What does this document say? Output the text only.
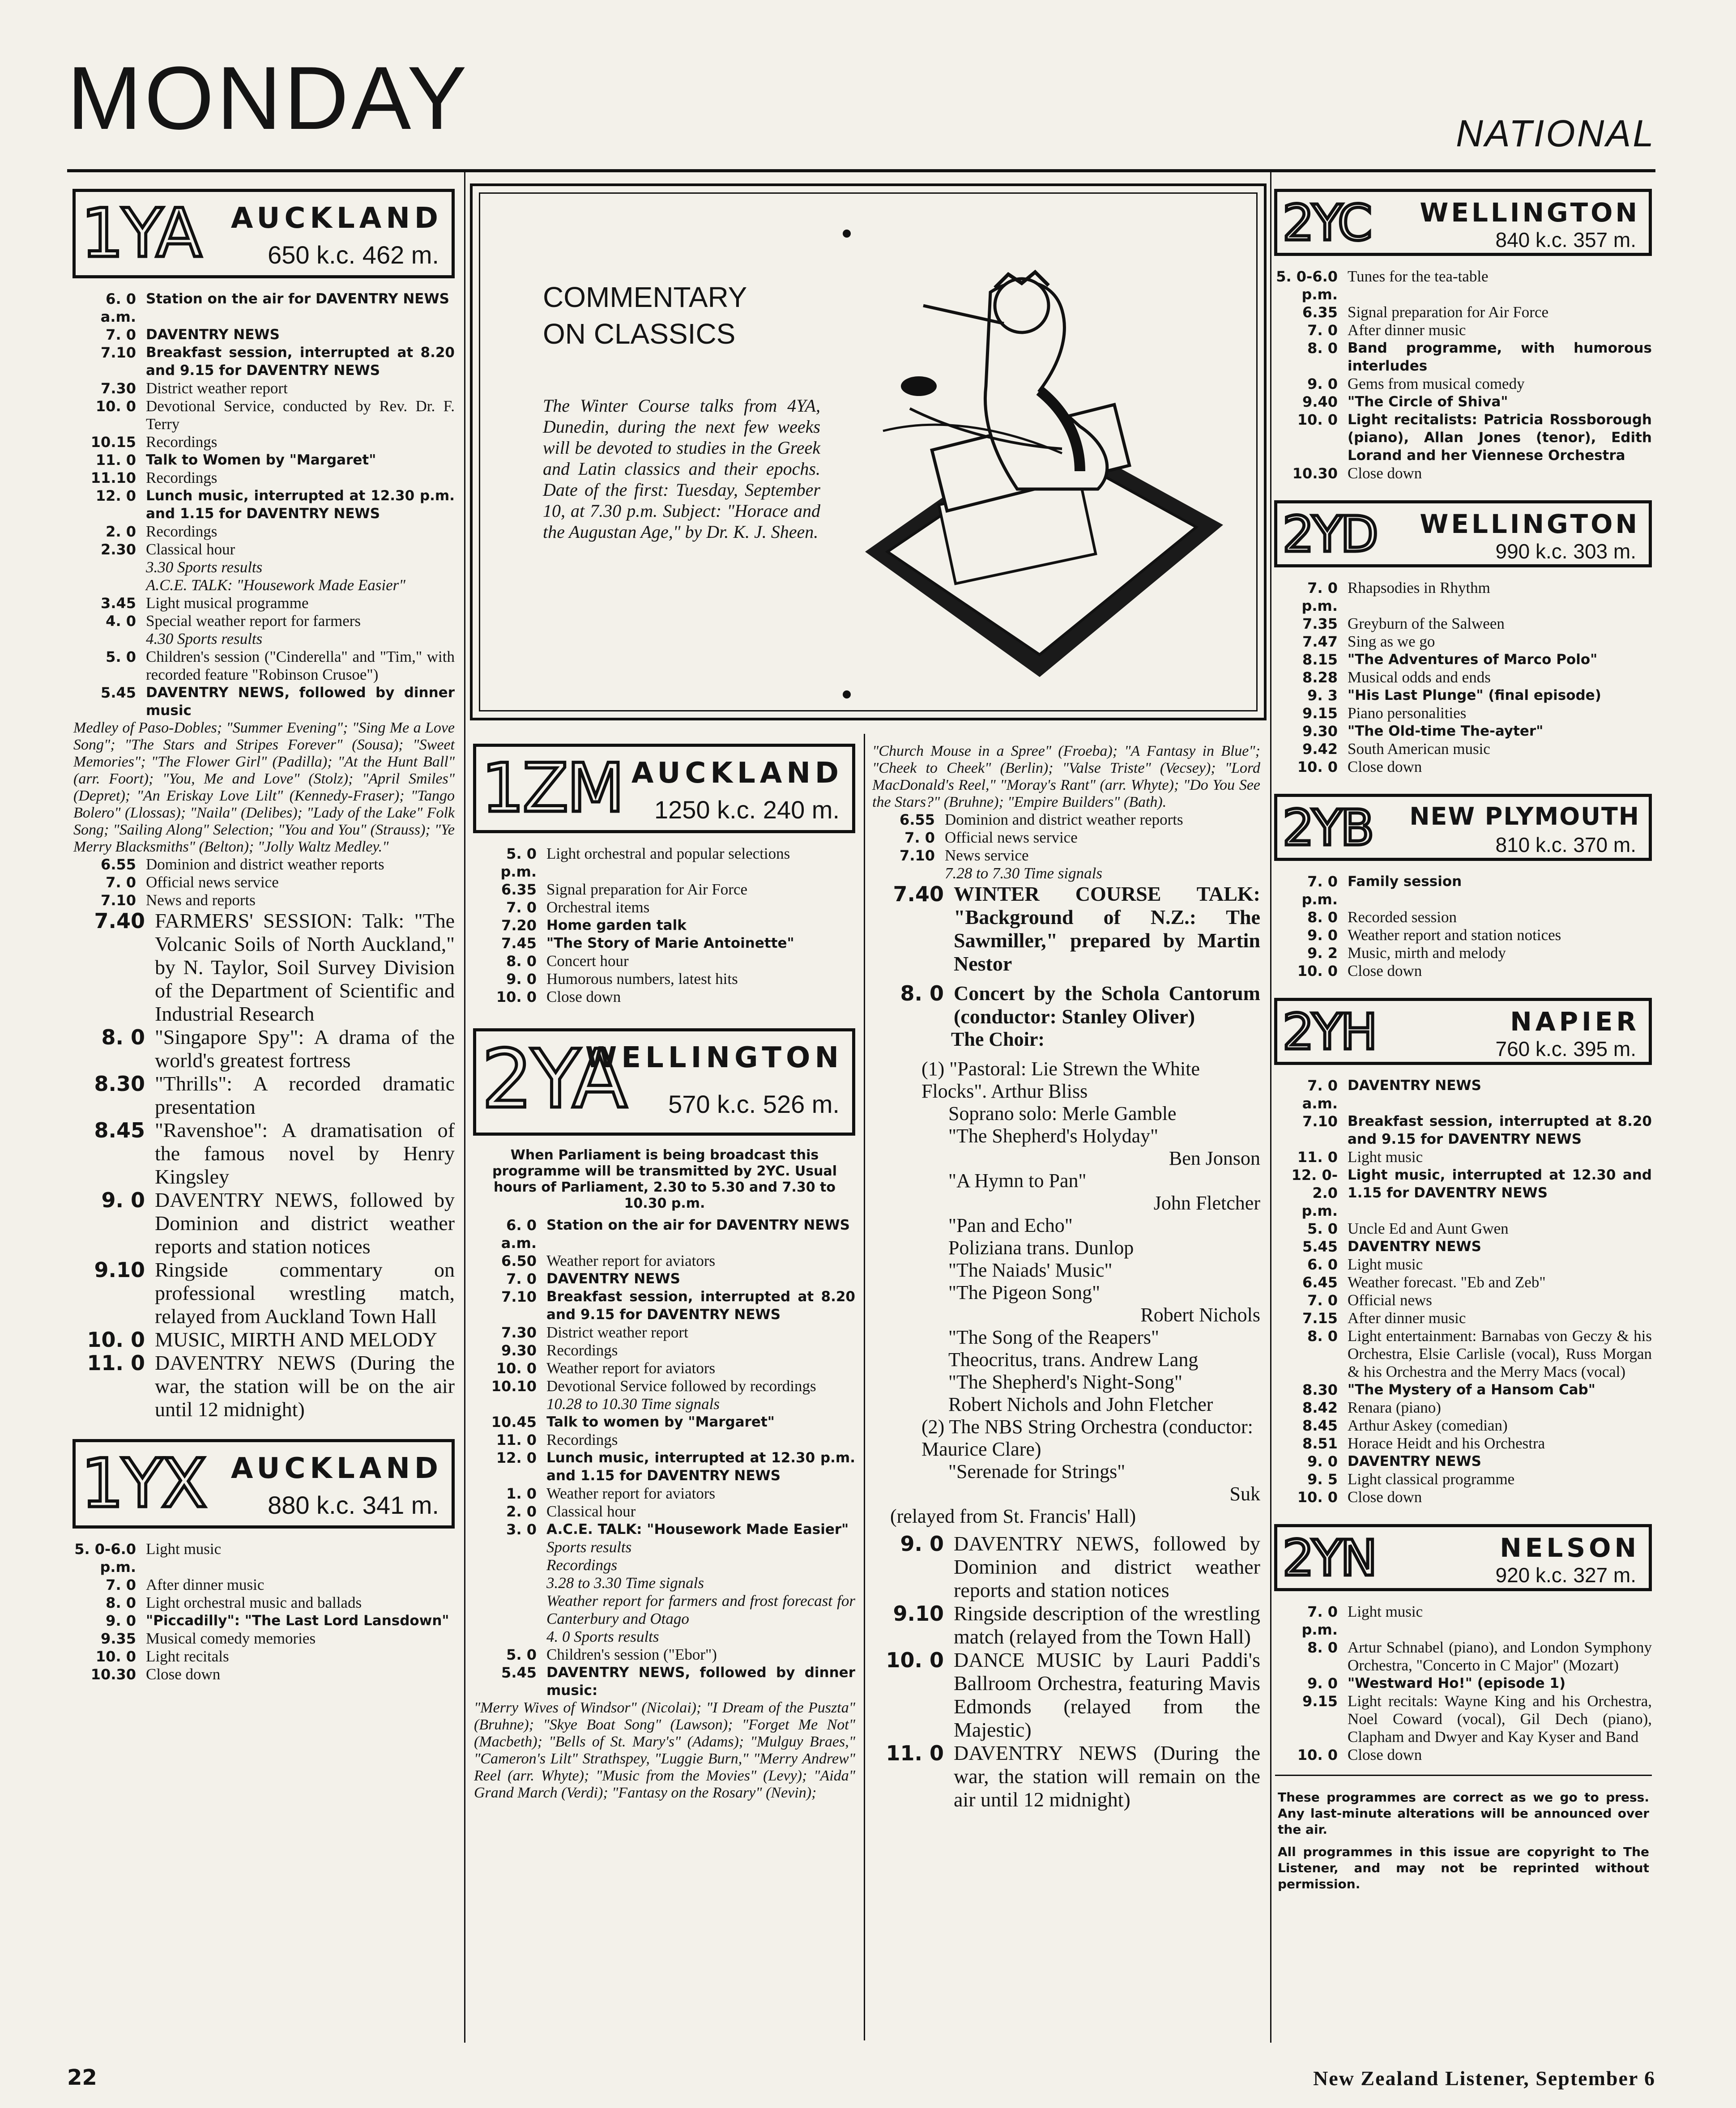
MONDAY	NATIONAL
1YA AUCKLAND
650 k.c. 462 m.
6. 0 a.m.
Station on the air for DAVENTRY NEWS
7. 0 DAVENTRY NEWS
7.10 Breakfast session, interrupted at 8.20 and 9.15 for DAVENTRY NEWS
7.30 District weather report
10. 0 Devotional Service, conducted by Rev. Dr. F. Terry
10.15 Recordings
11. 0 Talk to Women by "Margaret"
11.10 Recordings
12. 0 Lunch music, interrupted at 12.30 p.m. and 1.15 for DAVENTRY NEWS
2. 0 Recordings
2.30 Classical hour
3.30 Sports results
A.C.E. TALK: "Housework Made Easier"
3.45 Light musical programme
4. 0 Special weather report for farmers
4.30 Sports results
5. 0 Children's session ("Cinderella" and "Tim," with recorded feature "Robinson Crusoe")
5.45 DAVENTRY NEWS, followed by dinner music
Medley of Paso-Dobles; "Summer Evening"; "Sing Me a Love Song"; "The Stars and Stripes Forever" (Sousa); "Sweet Memories"; "The Flower Girl" (Padilla); "At the Hunt Ball" (arr. Foort); "You, Me and Love" (Stolz); "April Smiles" (Depret); "An Eriskay Love Lilt" (Kennedy-Fraser); "Tango Bolero" (Llossas); "Naila" (Delibes); "Lady of the Lake" Folk Song; "Sailing Along" Selection; "You and You" (Strauss); "Ye Merry Blacksmiths" (Belton); "Jolly Waltz Medley."
6.55 Dominion and district weather reports
7. 0 Official news service
7.10 News and reports
7.40 FARMERS' SESSION: Talk: "The Volcanic Soils of North Auckland," by N. Taylor, Soil Survey Division of the Department of Scientific and Industrial Research
8. 0 "Singapore Spy": A drama of the world's greatest fortress
8.30 "Thrills": A recorded dramatic presentation
8.45 "Ravenshoe": A dramatisation of the famous novel by Henry Kingsley
9. 0 DAVENTRY NEWS, followed by Dominion and district weather reports and station notices
9.10 Ringside commentary on professional wrestling match, relayed from Auckland Town Hall
10. 0 MUSIC, MIRTH AND MELODY
11. 0 DAVENTRY NEWS (During the war, the station will be on the air until 12 midnight)
1YX AUCKLAND
880 k.c. 341 m.
5. 0-6.0 p.m.
Light music
7. 0 After dinner music
8. 0 Light orchestral music and ballads
9. 0 "Piccadilly": "The Last Lord Lansdown"
9.35 Musical comedy memories
10. 0 Light recitals
10.30 Close down
COMMENTARY ON CLASSICS
The Winter Course talks from 4YA, Dunedin, during the next few weeks will be devoted to studies in the Greek and Latin classics and their epochs. Date of the first: Tuesday, September 10, at 7.30 p.m. Subject: "Horace and the Augustan Age," by Dr. K. J. Sheen.
1ZM AUCKLAND
1250 k.c. 240 m.
5. 0 p.m.
Light orchestral and popular selections
6.35 Signal preparation for Air Force
7. 0 Orchestral items
7.20 Home garden talk
7.45 "The Story of Marie Antoinette"
8. 0 Concert hour
9. 0 Humorous numbers, latest hits
10. 0 Close down
2YA
WELLINGTON
570 k.c. 526 m.
When Parliament is being broadcast this programme will be transmitted by 2YC. Usual hours of Parliament, 2.30 to 5.30 and 7.30 to 10.30 p.m.
6. 0 a.m.
Station on the air for DAVENTRY NEWS
6.50 Weather report for aviators
7. 0 DAVENTRY NEWS
7.10 Breakfast session, interrupted at 8.20 and 9.15 for DAVENTRY NEWS
7.30 District weather report
9.30 Recordings
10. 0 Weather report for aviators
10.10 Devotional Service followed by recordings
10.28 to 10.30 Time signals
10.45 Talk to women by "Margaret"
11. 0 Recordings
12. 0 Lunch music, interrupted at 12.30 p.m. and 1.15 for DAVENTRY NEWS
1. 0 Weather report for aviators
2. 0 Classical hour
3. 0 A.C.E. TALK: "Housework Made Easier"
Sports results
Recordings
3.28 to 3.30 Time signals
Weather report for farmers and frost forecast for Canterbury and Otago
4. 0 Sports results
5. 0 Children's session ("Ebor")
5.45 DAVENTRY NEWS, followed by dinner music:
"Merry Wives of Windsor" (Nicolai); "I Dream of the Puszta" (Bruhne); "Skye Boat Song" (Lawson); "Forget Me Not" (Macbeth); "Bells of St. Mary's" (Adams); "Mulguy Braes," "Cameron's Lilt" Strathspey, "Luggie Burn," "Merry Andrew" Reel (arr. Whyte); "Music from the Movies" (Levy); "Aida" Grand March (Verdi); "Fantasy on the Rosary" (Nevin);
"Church Mouse in a Spree" (Froeba); "A Fantasy in Blue"; "Cheek to Cheek" (Berlin); "Valse Triste" (Vecsey); "Lord MacDonald's Reel," "Moray's Rant" (arr. Whyte); "Do You See the Stars?" (Bruhne); "Empire Builders" (Bath).
6.55 Dominion and district weather reports
7. 0 Official news service
7.10 News service
7.28 to 7.30 Time signals
7.40 WINTER COURSE TALK: "Background of N.Z.: The Sawmiller," prepared by Martin Nestor
8. 0 Concert by the Schola Cantorum (conductor: Stanley Oliver)
The Choir:
(1) "Pastoral: Lie Strewn the White Flocks". Arthur Bliss
Soprano solo: Merle Gamble
"The Shepherd's Holyday"
Ben Jonson
"A Hymn to Pan"
John Fletcher
"Pan and Echo"
Poliziana trans. Dunlop
"The Naiads' Music"
"The Pigeon Song"
Robert Nichols
"The Song of the Reapers"
Theocritus, trans. Andrew Lang
"The Shepherd's Night-Song"
Robert Nichols and John Fletcher
(2) The NBS String Orchestra (conductor: Maurice Clare)
"Serenade for Strings"
Suk
(relayed from St. Francis' Hall)
9. 0 DAVENTRY NEWS, followed by Dominion and district weather reports and station notices
9.10 Ringside description of the wrestling match (relayed from the Town Hall)
10. 0 DANCE MUSIC by Lauri Paddi's Ballroom Orchestra, featuring Mavis Edmonds (relayed from the Majestic)
11. 0 DAVENTRY NEWS (During the war, the station will remain on the air until 12 midnight)
2YC WELLINGTON
840 k.c. 357 m.
5. 0-6.0 p.m.
Tunes for the tea-table
6.35 Signal preparation for Air Force
7. 0 After dinner music
8. 0 Band programme, with humorous interludes
9. 0 Gems from musical comedy
9.40 "The Circle of Shiva"
10. 0 Light recitalists: Patricia Rossborough (piano), Allan Jones (tenor), Edith Lorand and her Viennese Orchestra
10.30 Close down
2YD WELLINGTON
990 k.c. 303 m.
7. 0 p.m.
Rhapsodies in Rhythm
7.35 Greyburn of the Salween
7.47 Sing as we go
8.15 "The Adventures of Marco Polo"
8.28 Musical odds and ends
9. 3 "His Last Plunge" (final episode)
9.15 Piano personalities
9.30 "The Old-time The-ayter"
9.42 South American music
10. 0 Close down
2YB NEW PLYMOUTH
810 k.c. 370 m.
7. 0 p.m.
Family session
8. 0 Recorded session
9. 0 Weather report and station notices
9. 2 Music, mirth and melody
10. 0 Close down
2YH	NAPIER
760 k.c. 395 m.
7. 0 a.m.
DAVENTRY NEWS
7.10 Breakfast session, interrupted at 8.20 and 9.15 for DAVENTRY NEWS
11. 0 Light music
12. 0-2.0 p.m.
Light music, interrupted at 12.30 and 1.15 for DAVENTRY NEWS
5. 0 Uncle Ed and Aunt Gwen
5.45 DAVENTRY NEWS
6. 0 Light music
6.45 Weather forecast. "Eb and Zeb"
7. 0 Official news
7.15 After dinner music
8. 0 Light entertainment: Barnabas von Geczy & his Orchestra, Elsie Carlisle (vocal), Russ Morgan & his Orchestra and the Merry Macs (vocal)
8.30 "The Mystery of a Hansom Cab"
8.42 Renara (piano)
8.45 Arthur Askey (comedian)
8.51 Horace Heidt and his Orchestra
9. 0 DAVENTRY NEWS
9. 5 Light classical programme
10. 0 Close down
2YN	NELSON
920 k.c. 327 m.
7. 0 p.m.
Light music
8. 0 Artur Schnabel (piano), and London Symphony Orchestra, "Concerto in C Major" (Mozart)
9. 0 "Westward Ho!" (episode 1)
9.15 Light recitals: Wayne King and his Orchestra, Noel Coward (vocal), Gil Dech (piano), Clapham and Dwyer and Kay Kyser and Band
10. 0 Close down
These programmes are correct as we go to press. Any last-minute alterations will be announced over the air.
All programmes in this issue are copyright to The Listener, and may not be reprinted without permission.
22	New Zealand Listener, September 6
